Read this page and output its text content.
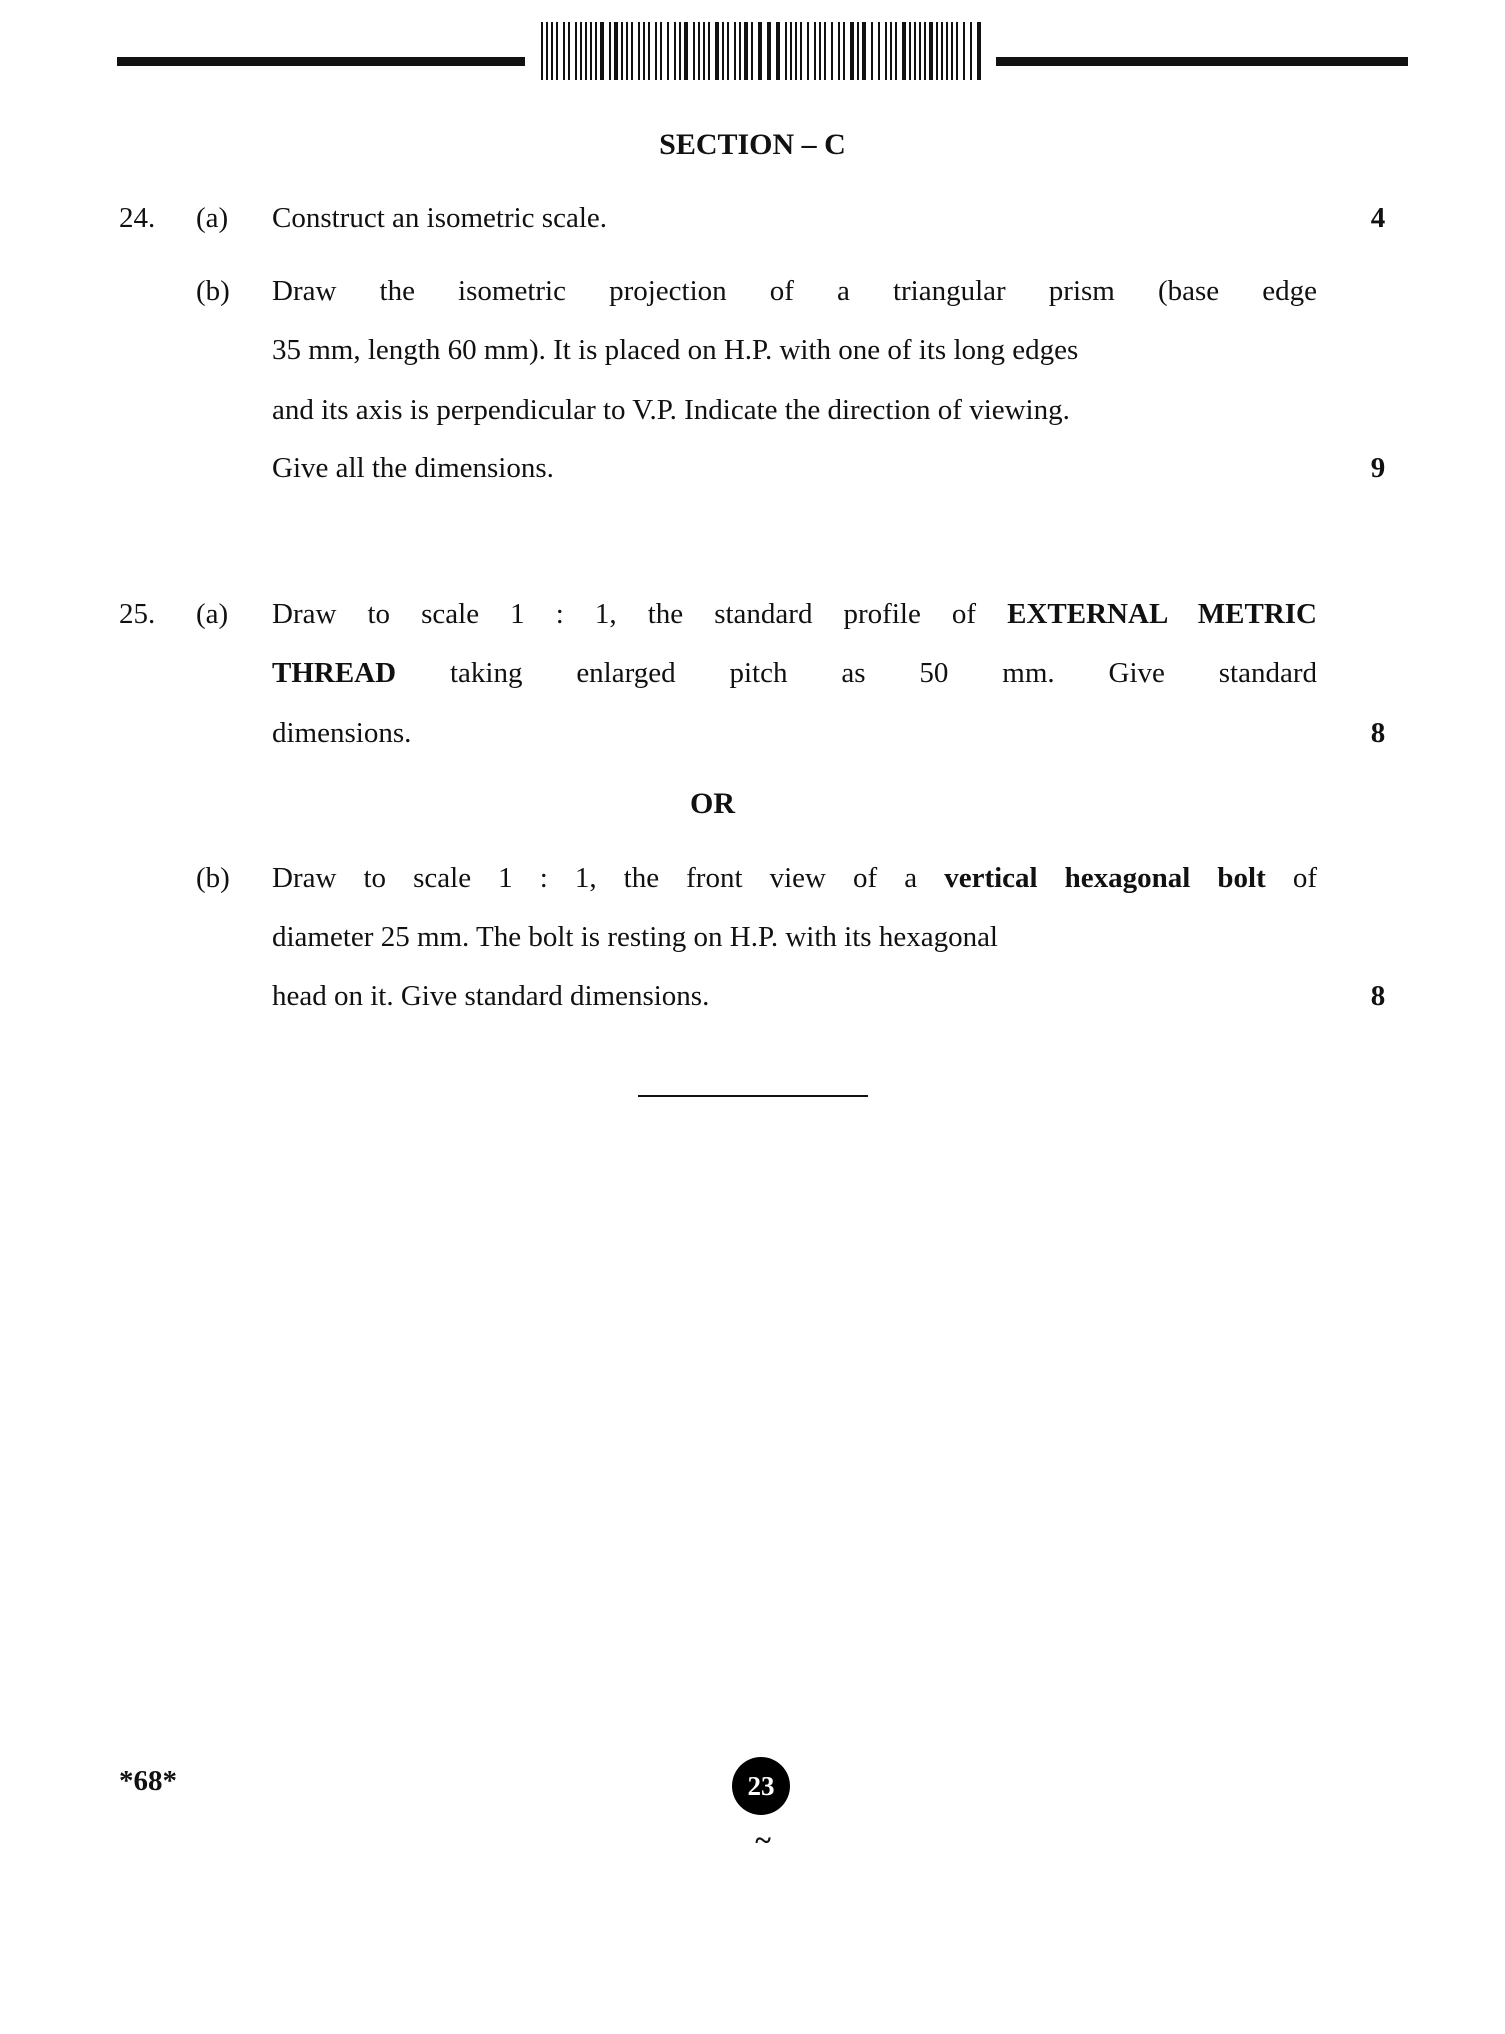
SECTION – C
24. (a) Construct an isometric scale.	4
(b) Draw the isometric projection of a triangular prism (base edge
35 mm, length 60 mm). It is placed on H.P. with one of its long edges
and its axis is perpendicular to V.P. Indicate the direction of viewing.
Give all the dimensions.	9
25. (a) Draw to scale 1 : 1, the standard profile of EXTERNAL METRIC
THREAD taking enlarged pitch as 50 mm. Give standard
dimensions.	8
OR
(b) Draw to scale 1 : 1, the front view of a vertical hexagonal bolt of
diameter 25 mm. The bolt is resting on H.P. with its hexagonal
head on it. Give standard dimensions.	8
*68*	23
~
